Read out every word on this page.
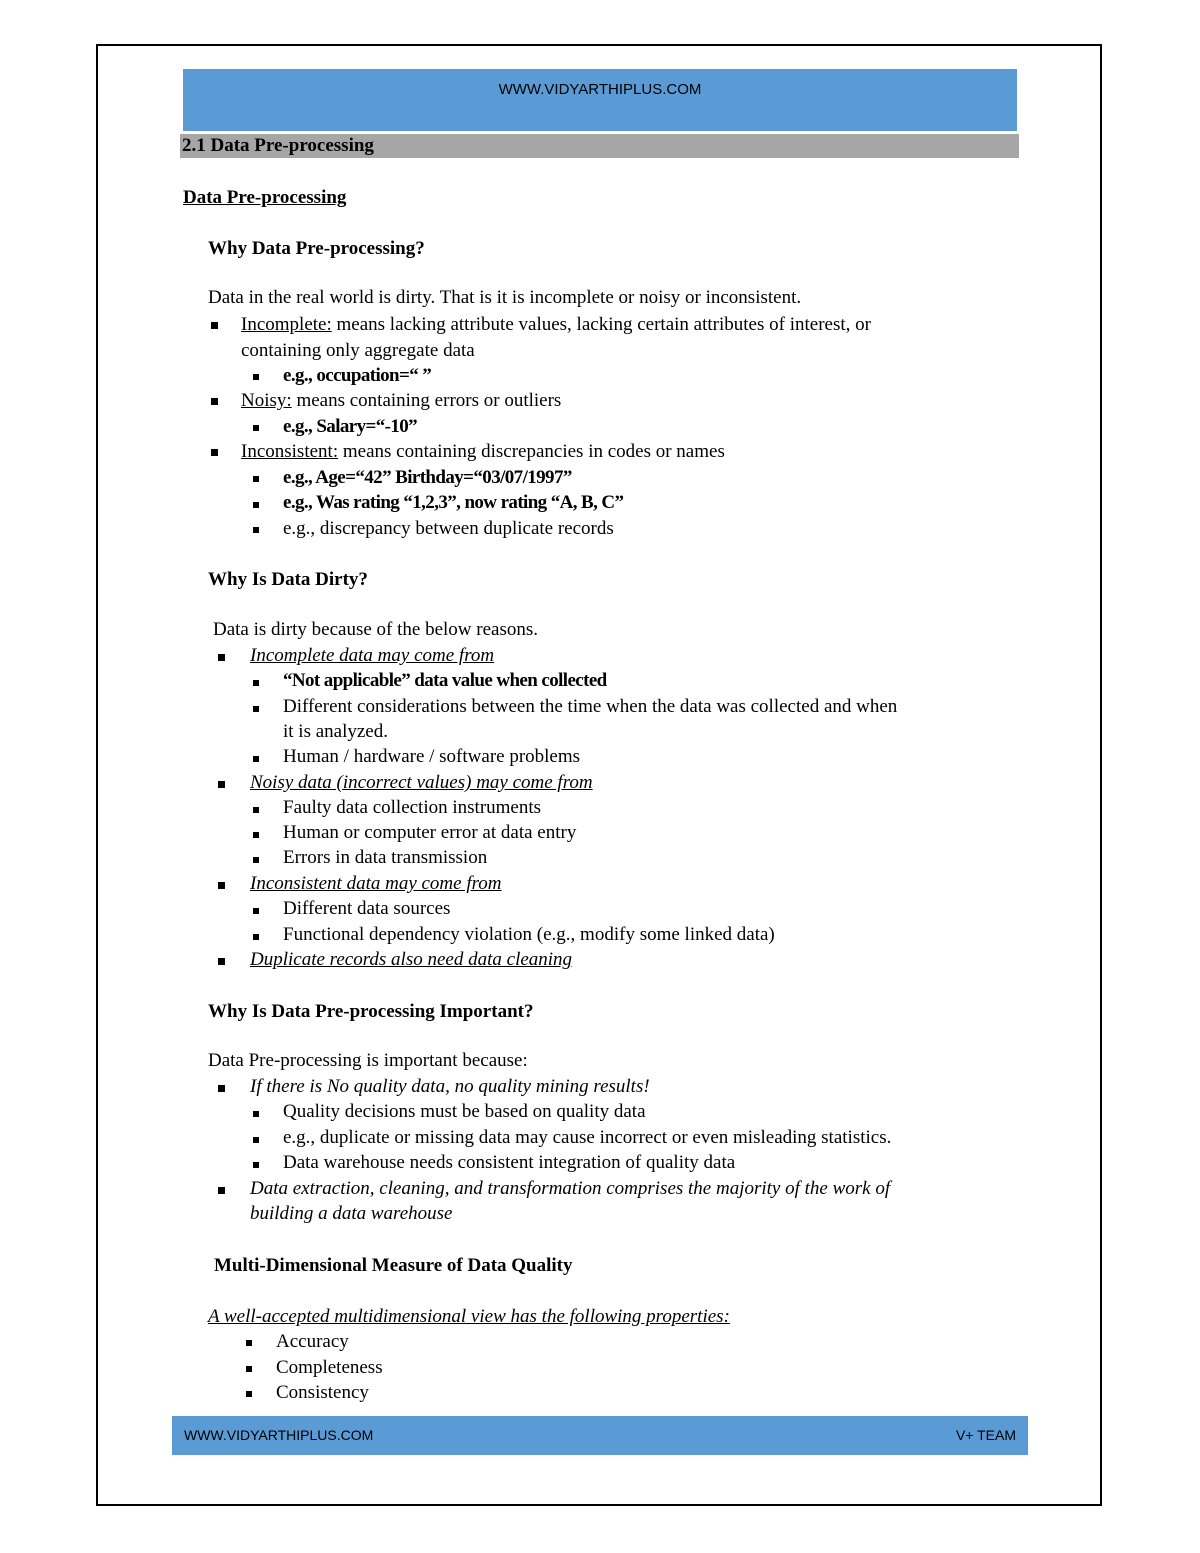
WWW.VIDYARTHIPLUS.COM
2.1 Data Pre-processing
Data Pre-processing
Why Data Pre-processing?
Data in the real world is dirty. That is it is incomplete or noisy or inconsistent.
Incomplete: means lacking attribute values, lacking certain attributes of interest, or
containing only aggregate data
e.g., occupation=“ ”
Noisy: means containing errors or outliers
e.g., Salary=“-10”
Inconsistent: means containing discrepancies in codes or names
e.g., Age=“42” Birthday=“03/07/1997”
e.g., Was rating “1,2,3”, now rating “A, B, C”
e.g., discrepancy between duplicate records
Why Is Data Dirty?
Data is dirty because of the below reasons.
Incomplete data may come from
“Not applicable” data value when collected
Different considerations between the time when the data was collected and when
it is analyzed.
Human / hardware / software problems
Noisy data (incorrect values) may come from
Faulty data collection instruments
Human or computer error at data entry
Errors in data transmission
Inconsistent data may come from
Different data sources
Functional dependency violation (e.g., modify some linked data)
Duplicate records also need data cleaning
Why Is Data Pre-processing Important?
Data Pre-processing is important because:
If there is No quality data, no quality mining results!
Quality decisions must be based on quality data
e.g., duplicate or missing data may cause incorrect or even misleading statistics.
Data warehouse needs consistent integration of quality data
Data extraction, cleaning, and transformation comprises the majority of the work of
building a data warehouse
Multi-Dimensional Measure of Data Quality
A well-accepted multidimensional view has the following properties:
Accuracy
Completeness
Consistency
WWW.VIDYARTHIPLUS.COM	V+ TEAM
